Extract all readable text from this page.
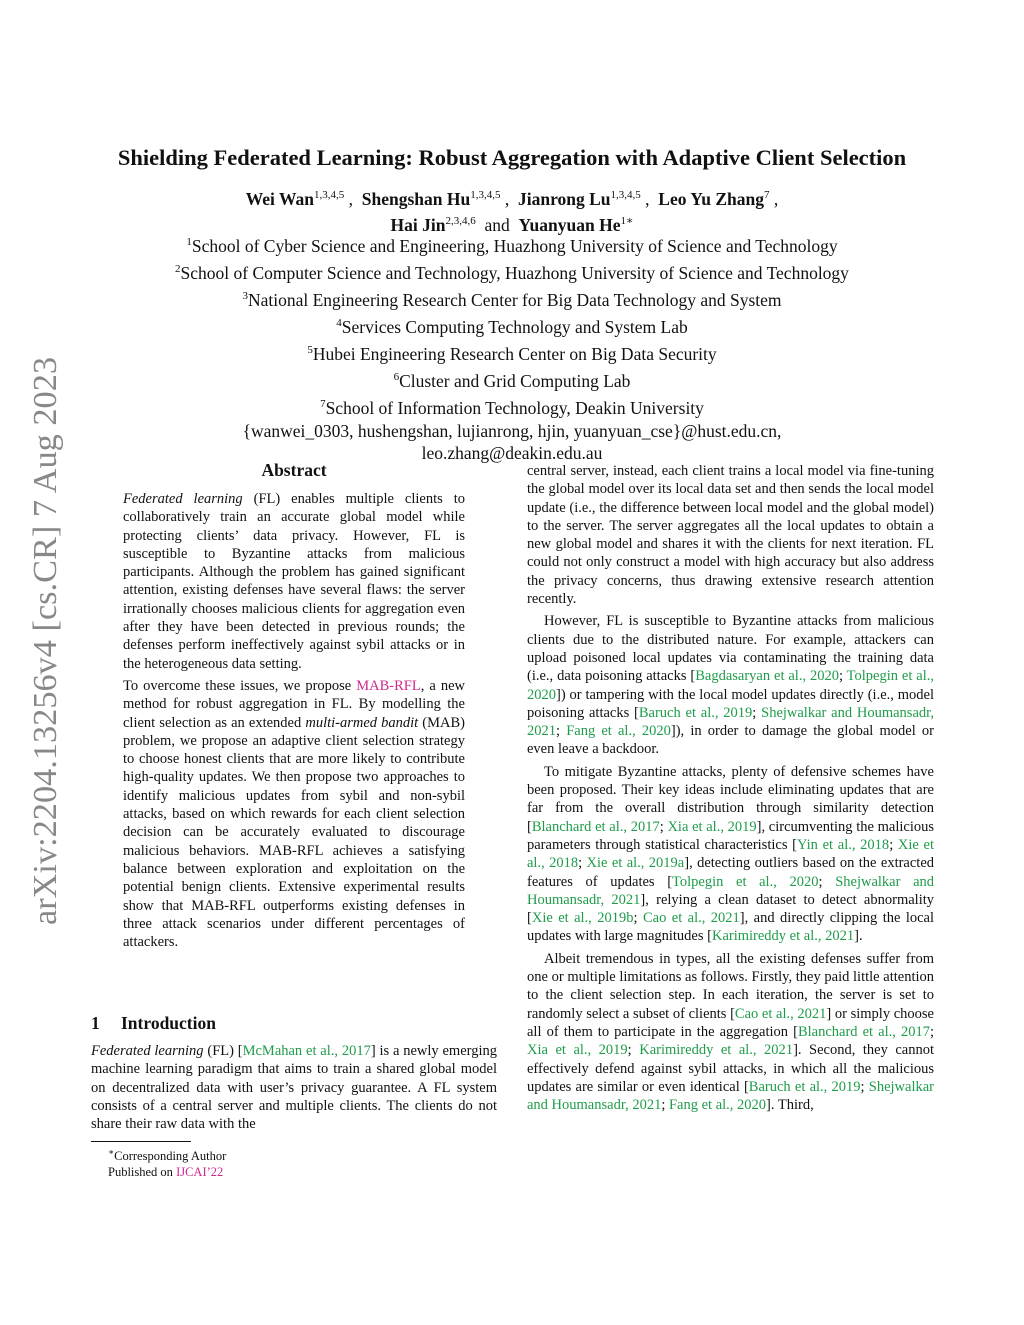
arXiv:2204.13256v4 [cs.CR] 7 Aug 2023
Shielding Federated Learning: Robust Aggregation with Adaptive Client Selection
Wei Wan$^{1,3,4,5}$ ,  Shengshan Hu$^{1,3,4,5}$ ,  Jianrong Lu$^{1,3,4,5}$ ,  Leo Yu Zhang$^7$ ,
Hai Jin$^{2,3,4,6}$ and Yuanyuan $He^{1∗}$
$^1$School of Cyber Science and Engineering, Huazhong University of Science and Technology
$^2$School of Computer Science and Technology, Huazhong University of Science and Technology
$^3$National Engineering Research Center for Big Data Technology and System
$^4$Services Computing Technology and System Lab
$^5$Hubei Engineering Research Center on Big Data Security
$^6$Cluster and Grid Computing Lab
$^7$School of Information Technology, Deakin University
{wanwei_0303, hushengshan, lujianrong, hjin, yuanyuan_cse}@hust.edu.cn,
leo.zhang@deakin.edu.au
Abstract

Federated learning (FL) enables multiple clients to collaboratively train an accurate global model while protecting clients’ data privacy. However, FL is susceptible to Byzantine attacks from malicious participants. Although the problem has gained significant attention, existing defenses have several flaws: the server irrationally chooses malicious clients for aggregation even after they have been detected in previous rounds; the defenses perform ineffectively against sybil attacks or in the heterogeneous data setting.

To overcome these issues, we propose MAB-RFL, a new method for robust aggregation in FL. By modelling the client selection as an extended multi-armed bandit (MAB) problem, we propose an adaptive client selection strategy to choose honest clients that are more likely to contribute high-quality updates. We then propose two approaches to identify malicious updates from sybil and non-sybil attacks, based on which rewards for each client selection decision can be accurately evaluated to discourage malicious behaviors. MAB-RFL achieves a satisfying balance between exploration and exploitation on the potential benign clients. Extensive experimental results show that MAB-RFL outperforms existing defenses in three attack scenarios under different percentages of attackers.

1 Introduction

Federated learning (FL) [McMahan et al., 2017] is a newly emerging machine learning paradigm that aims to train a shared global model on decentralized data with user’s privacy guarantee. A FL system consists of a central server and multiple clients. The clients do not share their raw data with the

∗Corresponding Author
Published on IJCAI’22

central server, instead, each client trains a local model via fine-tuning the global model over its local data set and then sends the local model update (i.e., the difference between local model and the global model) to the server. The server aggregates all the local updates to obtain a new global model and shares it with the clients for next iteration. FL could not only construct a model with high accuracy but also address the privacy concerns, thus drawing extensive research attention recently.

However, FL is susceptible to Byzantine attacks from malicious clients due to the distributed nature. For example, attackers can upload poisoned local updates via contaminating the training data (i.e., data poisoning attacks [Bagdasaryan et al., 2020; Tolpegin et al., 2020]) or tampering with the local model updates directly (i.e., model poisoning attacks [Baruch et al., 2019; Shejwalkar and Houmansadr, 2021; Fang et al., 2020]), in order to damage the global model or even leave a backdoor.

To mitigate Byzantine attacks, plenty of defensive schemes have been proposed. Their key ideas include eliminating updates that are far from the overall distribution through similarity detection [Blanchard et al., 2017; Xia et al., 2019], circumventing the malicious parameters through statistical characteristics [Yin et al., 2018; Xie et al., 2018; Xie et al., 2019a], detecting outliers based on the extracted features of updates [Tolpegin et al., 2020; Shejwalkar and Houmansadr, 2021], relying a clean dataset to detect abnormality [Xie et al., 2019b; Cao et al., 2021], and directly clipping the local updates with large magnitudes [Karimireddy et al., 2021].

Albeit tremendous in types, all the existing defenses suffer from one or multiple limitations as follows. Firstly, they paid little attention to the client selection step. In each iteration, the server is set to randomly select a subset of clients [Cao et al., 2021] or simply choose all of them to participate in the aggregation [Blanchard et al., 2017; Xia et al., 2019; Karimireddy et al., 2021]. Second, they cannot effectively defend against sybil attacks, in which all the malicious updates are similar or even identical [Baruch et al., 2019; Shejwalkar and Houmansadr, 2021; Fang et al., 2020]. Third,
